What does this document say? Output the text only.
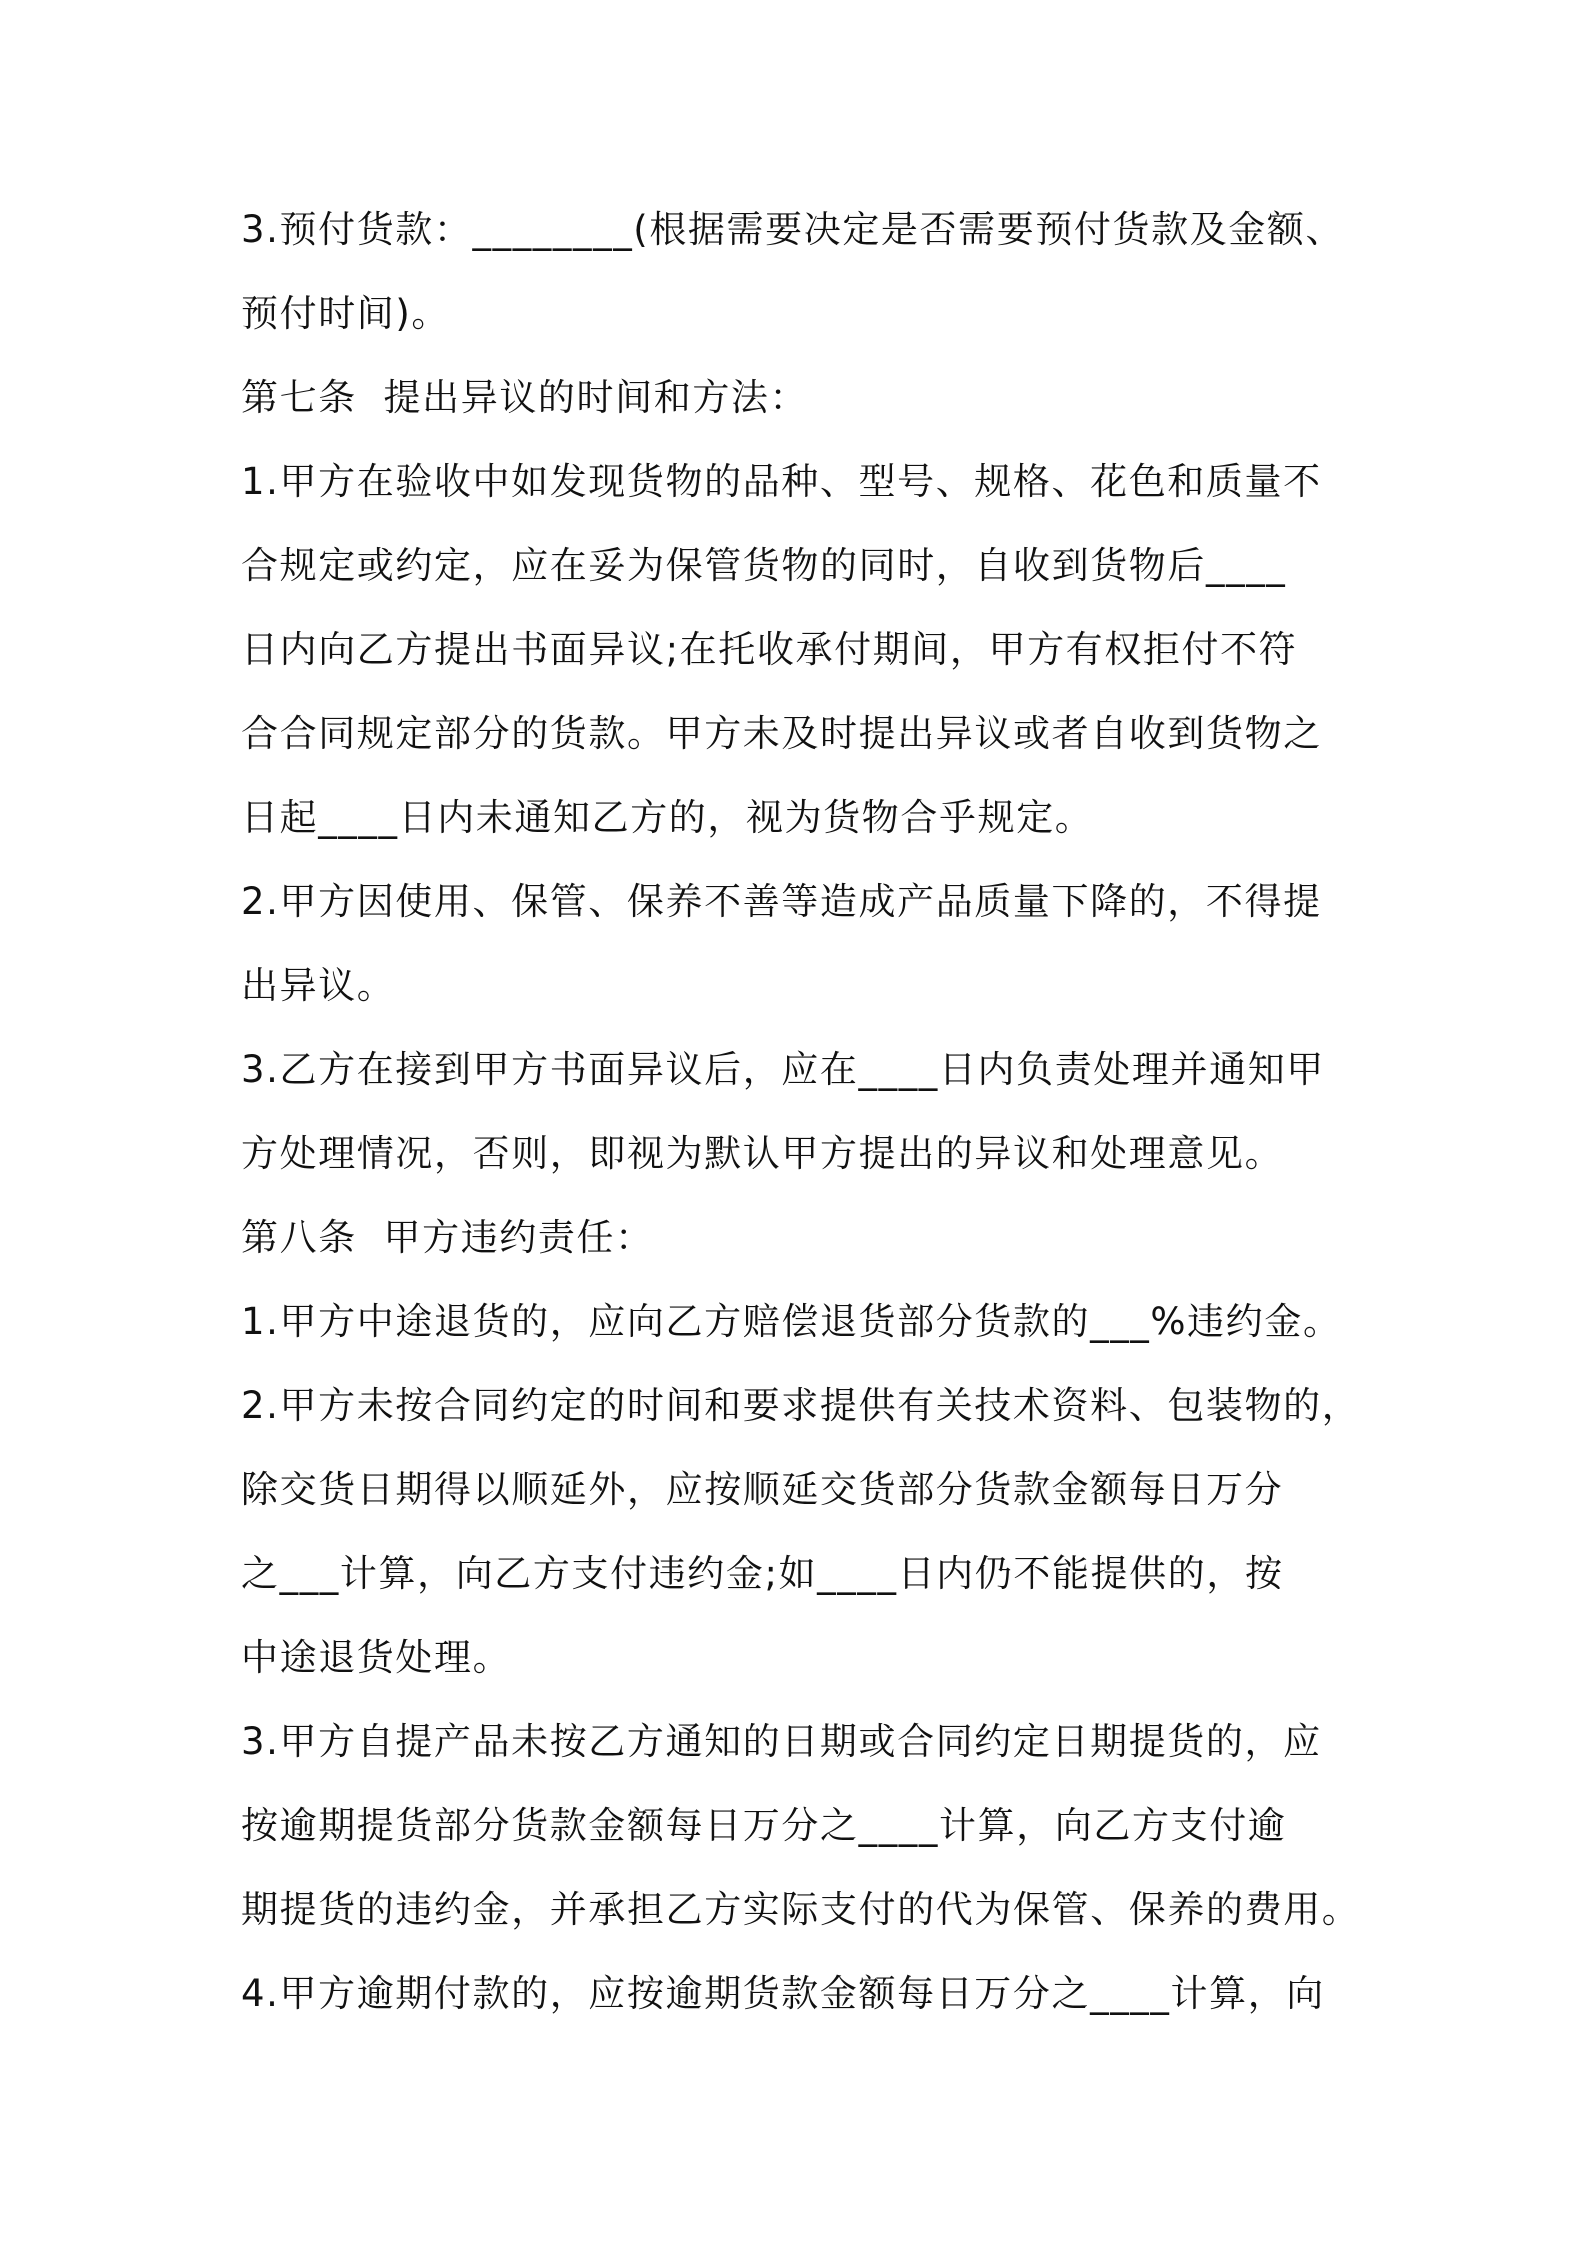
3.预付货款：________(根据需要决定是否需要预付货款及金额、
预付时间)。
第七条  提出异议的时间和方法：
1.甲方在验收中如发现货物的品种、型号、规格、花色和质量不
合规定或约定，应在妥为保管货物的同时，自收到货物后____
日内向乙方提出书面异议;在托收承付期间，甲方有权拒付不符
合合同规定部分的货款。甲方未及时提出异议或者自收到货物之
日起____日内未通知乙方的，视为货物合乎规定。
2.甲方因使用、保管、保养不善等造成产品质量下降的，不得提
出异议。
3.乙方在接到甲方书面异议后，应在____日内负责处理并通知甲
方处理情况，否则，即视为默认甲方提出的异议和处理意见。
第八条  甲方违约责任：
1.甲方中途退货的，应向乙方赔偿退货部分货款的___%违约金。
2.甲方未按合同约定的时间和要求提供有关技术资料、包装物的，
除交货日期得以顺延外，应按顺延交货部分货款金额每日万分
之___计算，向乙方支付违约金;如____日内仍不能提供的，按
中途退货处理。
3.甲方自提产品未按乙方通知的日期或合同约定日期提货的，应
按逾期提货部分货款金额每日万分之____计算，向乙方支付逾
期提货的违约金，并承担乙方实际支付的代为保管、保养的费用。
4.甲方逾期付款的，应按逾期货款金额每日万分之____计算，向
